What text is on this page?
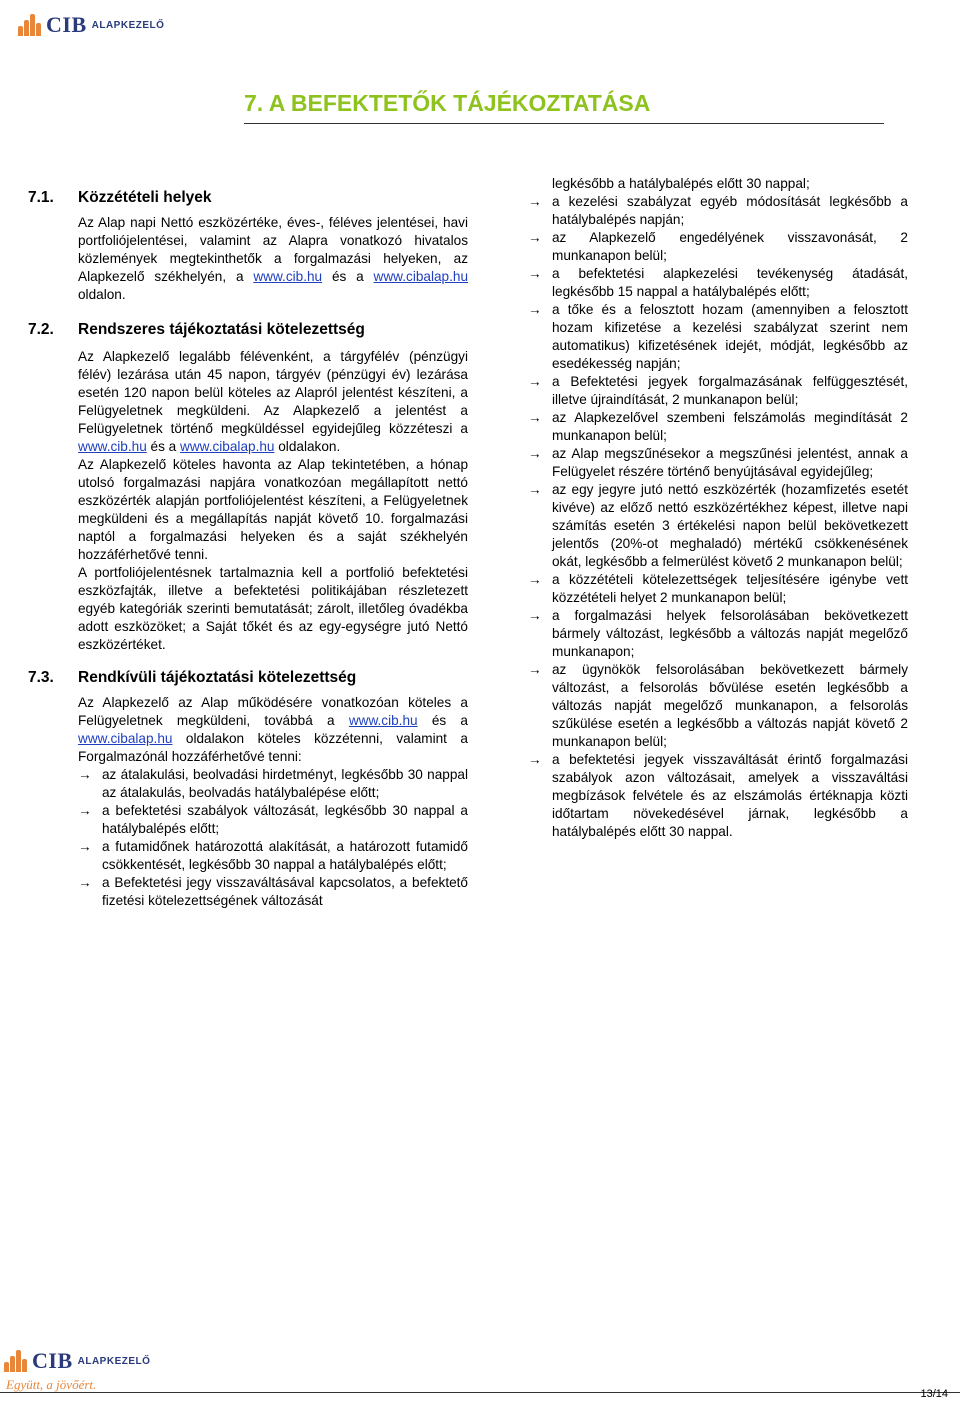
CIB ALAPKEZELŐ
7. A BEFEKTETŐK TÁJÉKOZTATÁSA
7.1.	Közzétételi helyek

Az Alap napi Nettó eszközértéke, éves-, féléves jelentései, havi portfoliójelentései, valamint az Alapra vonatkozó hivatalos közlemények megtekinthetők a forgalmazási helyeken, az Alapkezelő székhelyén, a www.cib.hu és a www.cibalap.hu oldalon.

7.2.	Rendszeres tájékoztatási kötelezettség

Az Alapkezelő legalább félévenként, a tárgyfélév (pénzügyi félév) lezárása után 45 napon, tárgyév (pénzügyi év) lezárása esetén 120 napon belül köteles az Alapról jelentést készíteni, a Felügyeletnek megküldeni. Az Alapkezelő a jelentést a Felügyeletnek történő megküldéssel egyidejűleg közzéteszi a www.cib.hu és a www.cibalap.hu oldalakon.

Az Alapkezelő köteles havonta az Alap tekintetében, a hónap utolsó forgalmazási napjára vonatkozóan megállapított nettó eszközérték alapján portfoliójelentést készíteni, a Felügyeletnek megküldeni és a megállapítás napját követő 10. forgalmazási naptól a forgalmazási helyeken és a saját székhelyén hozzáférhetővé tenni.

A portfoliójelentésnek tartalmaznia kell a portfolió befektetési eszközfajták, illetve a befektetési politikájában részletezett egyéb kategóriák szerinti bemutatását; zárolt, illetőleg óvadékba adott eszközöket; a Saját tőkét és az egy-egységre jutó Nettó eszközértéket.

7.3.	Rendkívüli tájékoztatási kötelezettség

Az Alapkezelő az Alap működésére vonatkozóan köteles a Felügyeletnek megküldeni, továbbá a www.cib.hu és a www.cibalap.hu oldalakon köteles közzétenni, valamint a Forgalmazónál hozzáférhetővé tenni:

→ az átalakulási, beolvadási hirdetményt, legkésőbb 30 nappal az átalakulás, beolvadás hatálybalépése előtt;
→ a befektetési szabályok változását, legkésőbb 30 nappal a hatálybalépés előtt;
→ a futamidőnek határozottá alakítását, a határozott futamidő csökkentését, legkésőbb 30 nappal a hatálybalépés előtt;
→ a Befektetési jegy visszaváltásával kapcsolatos, a befektető fizetési kötelezettségének változását

legkésőbb a hatálybalépés előtt 30 nappal;

→ a kezelési szabályzat egyéb módosítását legkésőbb a hatálybalépés napján;
→ az Alapkezelő engedélyének visszavonását, 2 munkanapon belül;
→ a befektetési alapkezelési tevékenység átadását, legkésőbb 15 nappal a hatálybalépés előtt;
→ a tőke és a felosztott hozam (amennyiben a felosztott hozam kifizetése a kezelési szabályzat szerint nem automatikus) kifizetésének idejét, módját, legkésőbb az esedékesség napján;
→ a Befektetési jegyek forgalmazásának felfüggesztését, illetve újraindítását, 2 munkanapon belül;
→ az Alapkezelővel szembeni felszámolás megindítását 2 munkanapon belül;
→ az Alap megszűnésekor a megszűnési jelentést, annak a Felügyelet részére történő benyújtásával egyidejűleg;
→ az egy jegyre jutó nettó eszközérték (hozamfizetés esetét kivéve) az előző nettó eszközértékhez képest, illetve napi számítás esetén 3 értékelési napon belül bekövetkezett jelentős (20%-ot meghaladó) mértékű csökkenésének okát, legkésőbb a felmerülést követő 2 munkanapon belül;
→ a közzétételi kötelezettségek teljesítésére igénybe vett közzétételi helyet 2 munkanapon belül;
→ a forgalmazási helyek felsorolásában bekövetkezett bármely változást, legkésőbb a változás napját megelőző munkanapon;
→ az ügynökök felsorolásában bekövetkezett bármely változást, a felsorolás bővülése esetén legkésőbb a változás napját megelőző munkanapon, a felsorolás szűkülése esetén a legkésőbb a változás napját követő 2 munkanapon belül;
→ a befektetési jegyek visszaváltását érintő forgalmazási szabályok azon változásait, amelyek a visszaváltási megbízások felvétele és az elszámolás értéknapja közti időtartam növekedésével járnak, legkésőbb a hatálybalépés előtt 30 nappal.
CIB ALAPKEZELŐ
Együtt, a jövőért.
13/14
